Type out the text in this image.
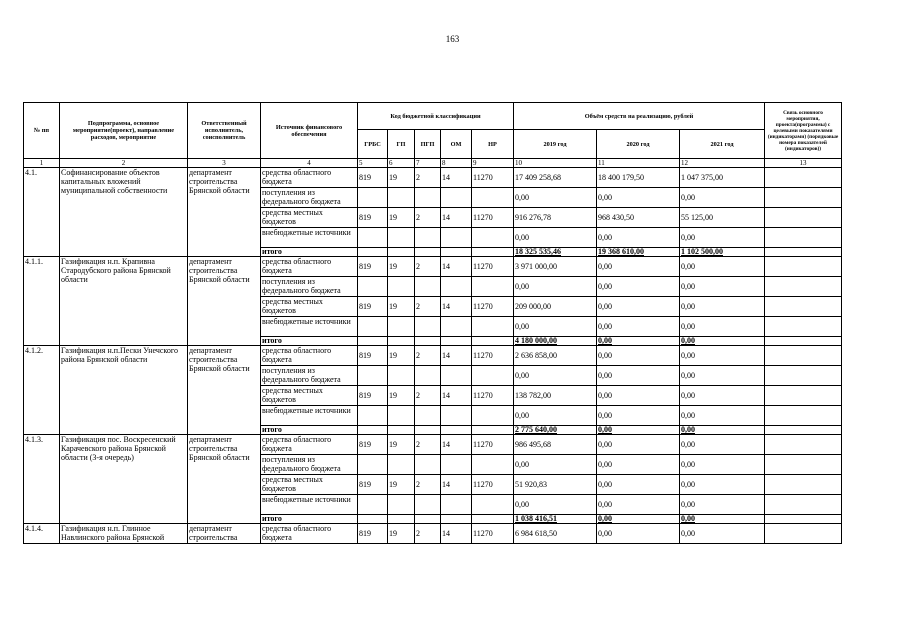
163
№ пп	Подпрограмма, основное мероприятие(проект), направление расходов, мероприятие	Ответственный исполнитель, соисполнитель	Источник финансового обеспечения	Код бюджетной классификации					Объём средств на реализацию, рублей			Связь основного мероприятия, проекта(программы) с целевыми показателями (индикаторами) (порядковые номера показателей (индикаторов))
				ГРБС	ГП	ПГП	ОМ	НР	2019 год	2020 год	2021 год	
1	2	3	4	5	6	7	8	9	10	11	12	13
4.1.	Софинансирование объектов капитальных вложений муниципальной собственности	департамент строительства Брянской области	средства областного бюджета	819	19	2	14	11270	17 409 258,68	18 400 179,50	1 047 375,00	
			поступления из федерального бюджета						0,00	0,00	0,00	
			средства местных бюджетов	819	19	2	14	11270	916 276,78	968 430,50	55 125,00	
			внебюджетные источники						0,00	0,00	0,00	
			итого						18 325 535,46	19 368 610,00	1 102 500,00	
4.1.1.	Газификация н.п. Крапивна Стародубского района Брянской области	департамент строительства Брянской области	средства областного бюджета	819	19	2	14	11270	3 971 000,00	0,00	0,00	
			поступления из федерального бюджета						0,00	0,00	0,00	
			средства местных бюджетов	819	19	2	14	11270	209 000,00	0,00	0,00	
			внебюджетные источники						0,00	0,00	0,00	
			итого						4 180 000,00	0,00	0,00	
4.1.2.	Газификация н.п.Пески Унечского района Брянской области	департамент строительства Брянской области	средства областного бюджета	819	19	2	14	11270	2 636 858,00	0,00	0,00	
			поступления из федерального бюджета						0,00	0,00	0,00	
			средства местных бюджетов	819	19	2	14	11270	138 782,00	0,00	0,00	
			внебюджетные источники						0,00	0,00	0,00	
			итого						2 775 640,00	0,00	0,00	
4.1.3.	Газификация пос. Воскресенский Карачевского района Брянской области (3-я очередь)	департамент строительства Брянской области	средства областного бюджета	819	19	2	14	11270	986 495,68	0,00	0,00	
			поступления из федерального бюджета						0,00	0,00	0,00	
			средства местных бюджетов	819	19	2	14	11270	51 920,83	0,00	0,00	
			внебюджетные источники						0,00	0,00	0,00	
			итого						1 038 416,51	0,00	0,00	
4.1.4.	Газификация н.п. Глинное Навлинского района Брянской	департамент строительства	средства областного бюджета	819	19	2	14	11270	6 984 618,50	0,00	0,00	
